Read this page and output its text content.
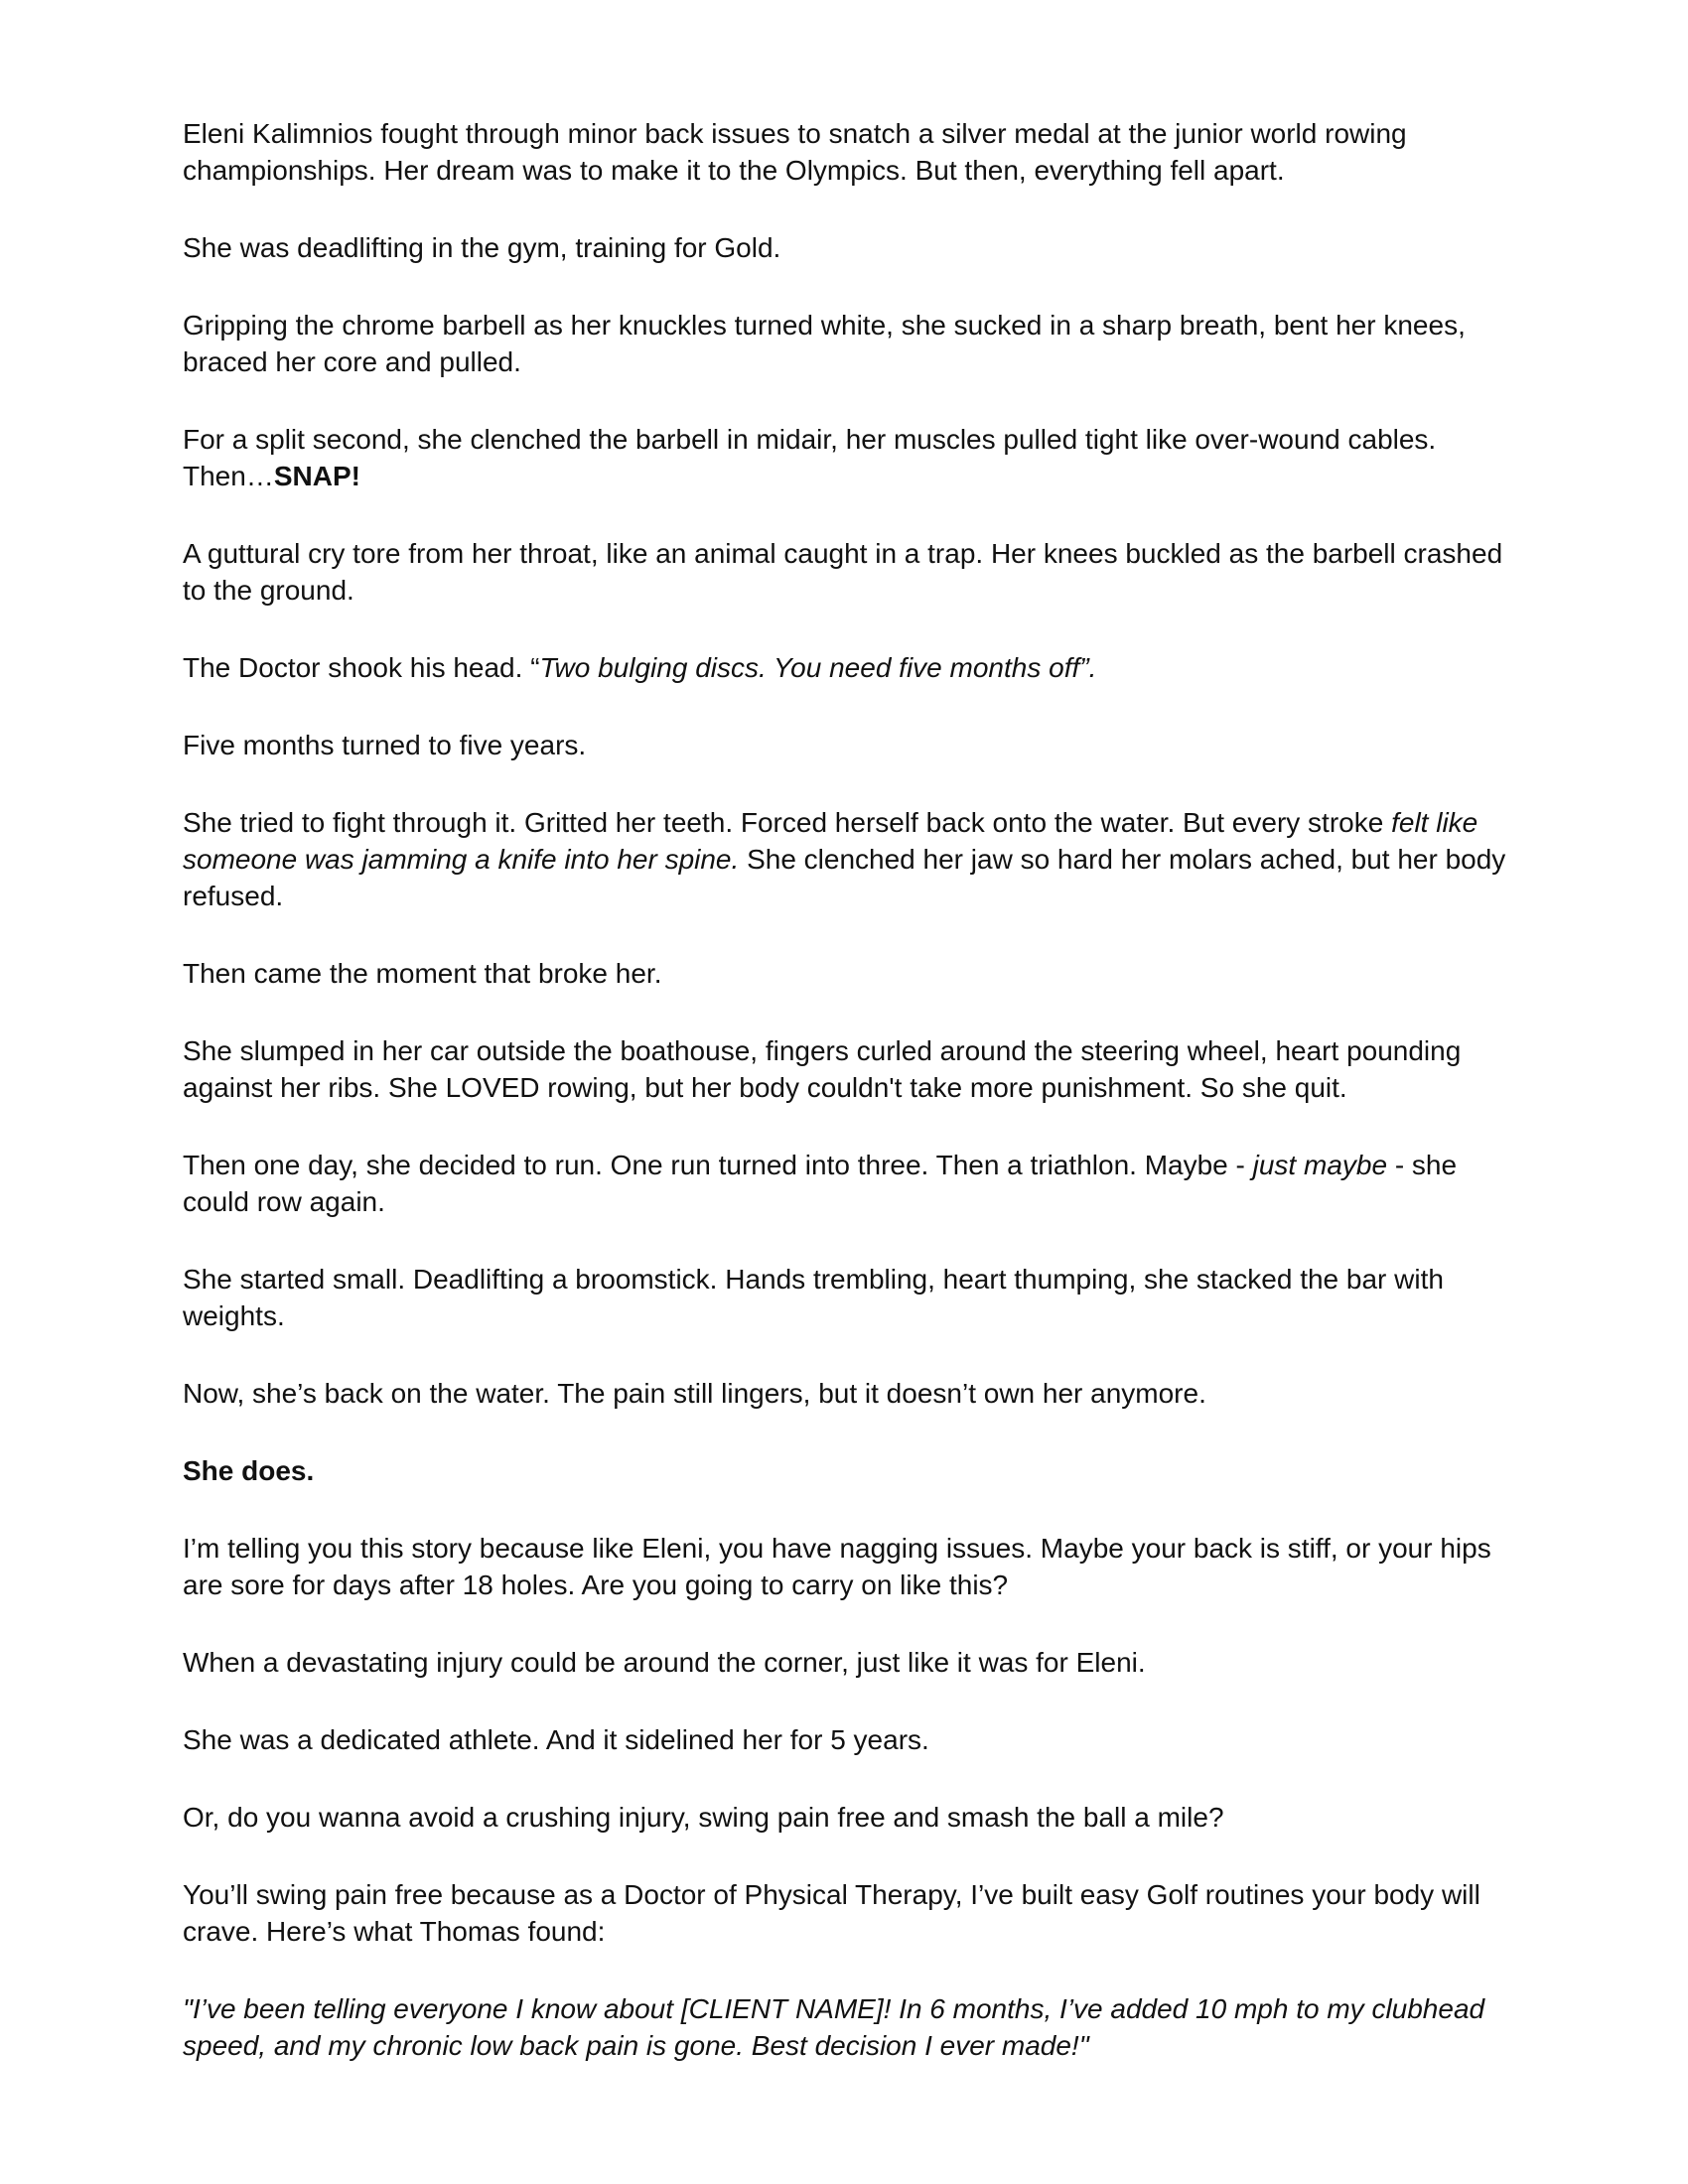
Eleni Kalimnios fought through minor back issues to snatch a silver medal at the junior world rowing championships. Her dream was to make it to the Olympics. But then, everything fell apart.

She was deadlifting in the gym, training for Gold.

Gripping the chrome barbell as her knuckles turned white, she sucked in a sharp breath, bent her knees, braced her core and pulled.

For a split second, she clenched the barbell in midair, her muscles pulled tight like over-wound cables. Then…SNAP!

A guttural cry tore from her throat, like an animal caught in a trap. Her knees buckled as the barbell crashed to the ground.

The Doctor shook his head. “Two bulging discs. You need five months off”.

Five months turned to five years.

She tried to fight through it. Gritted her teeth. Forced herself back onto the water. But every stroke felt like someone was jamming a knife into her spine. She clenched her jaw so hard her molars ached, but her body refused.

Then came the moment that broke her.

She slumped in her car outside the boathouse, fingers curled around the steering wheel, heart pounding against her ribs. She LOVED rowing, but her body couldn't take more punishment. So she quit.

Then one day, she decided to run. One run turned into three. Then a triathlon. Maybe - just maybe - she could row again.

She started small. Deadlifting a broomstick. Hands trembling, heart thumping, she stacked the bar with weights.

Now, she’s back on the water. The pain still lingers, but it doesn’t own her anymore.

She does.

I’m telling you this story because like Eleni, you have nagging issues. Maybe your back is stiff, or your hips are sore for days after 18 holes. Are you going to carry on like this?

When a devastating injury could be around the corner, just like it was for Eleni.

She was a dedicated athlete. And it sidelined her for 5 years.

Or, do you wanna avoid a crushing injury, swing pain free and smash the ball a mile?

You’ll swing pain free because as a Doctor of Physical Therapy, I’ve built easy Golf routines your body will crave. Here’s what Thomas found:

"I’ve been telling everyone I know about [CLIENT NAME]! In 6 months, I’ve added 10 mph to my clubhead speed, and my chronic low back pain is gone. Best decision I ever made!"
